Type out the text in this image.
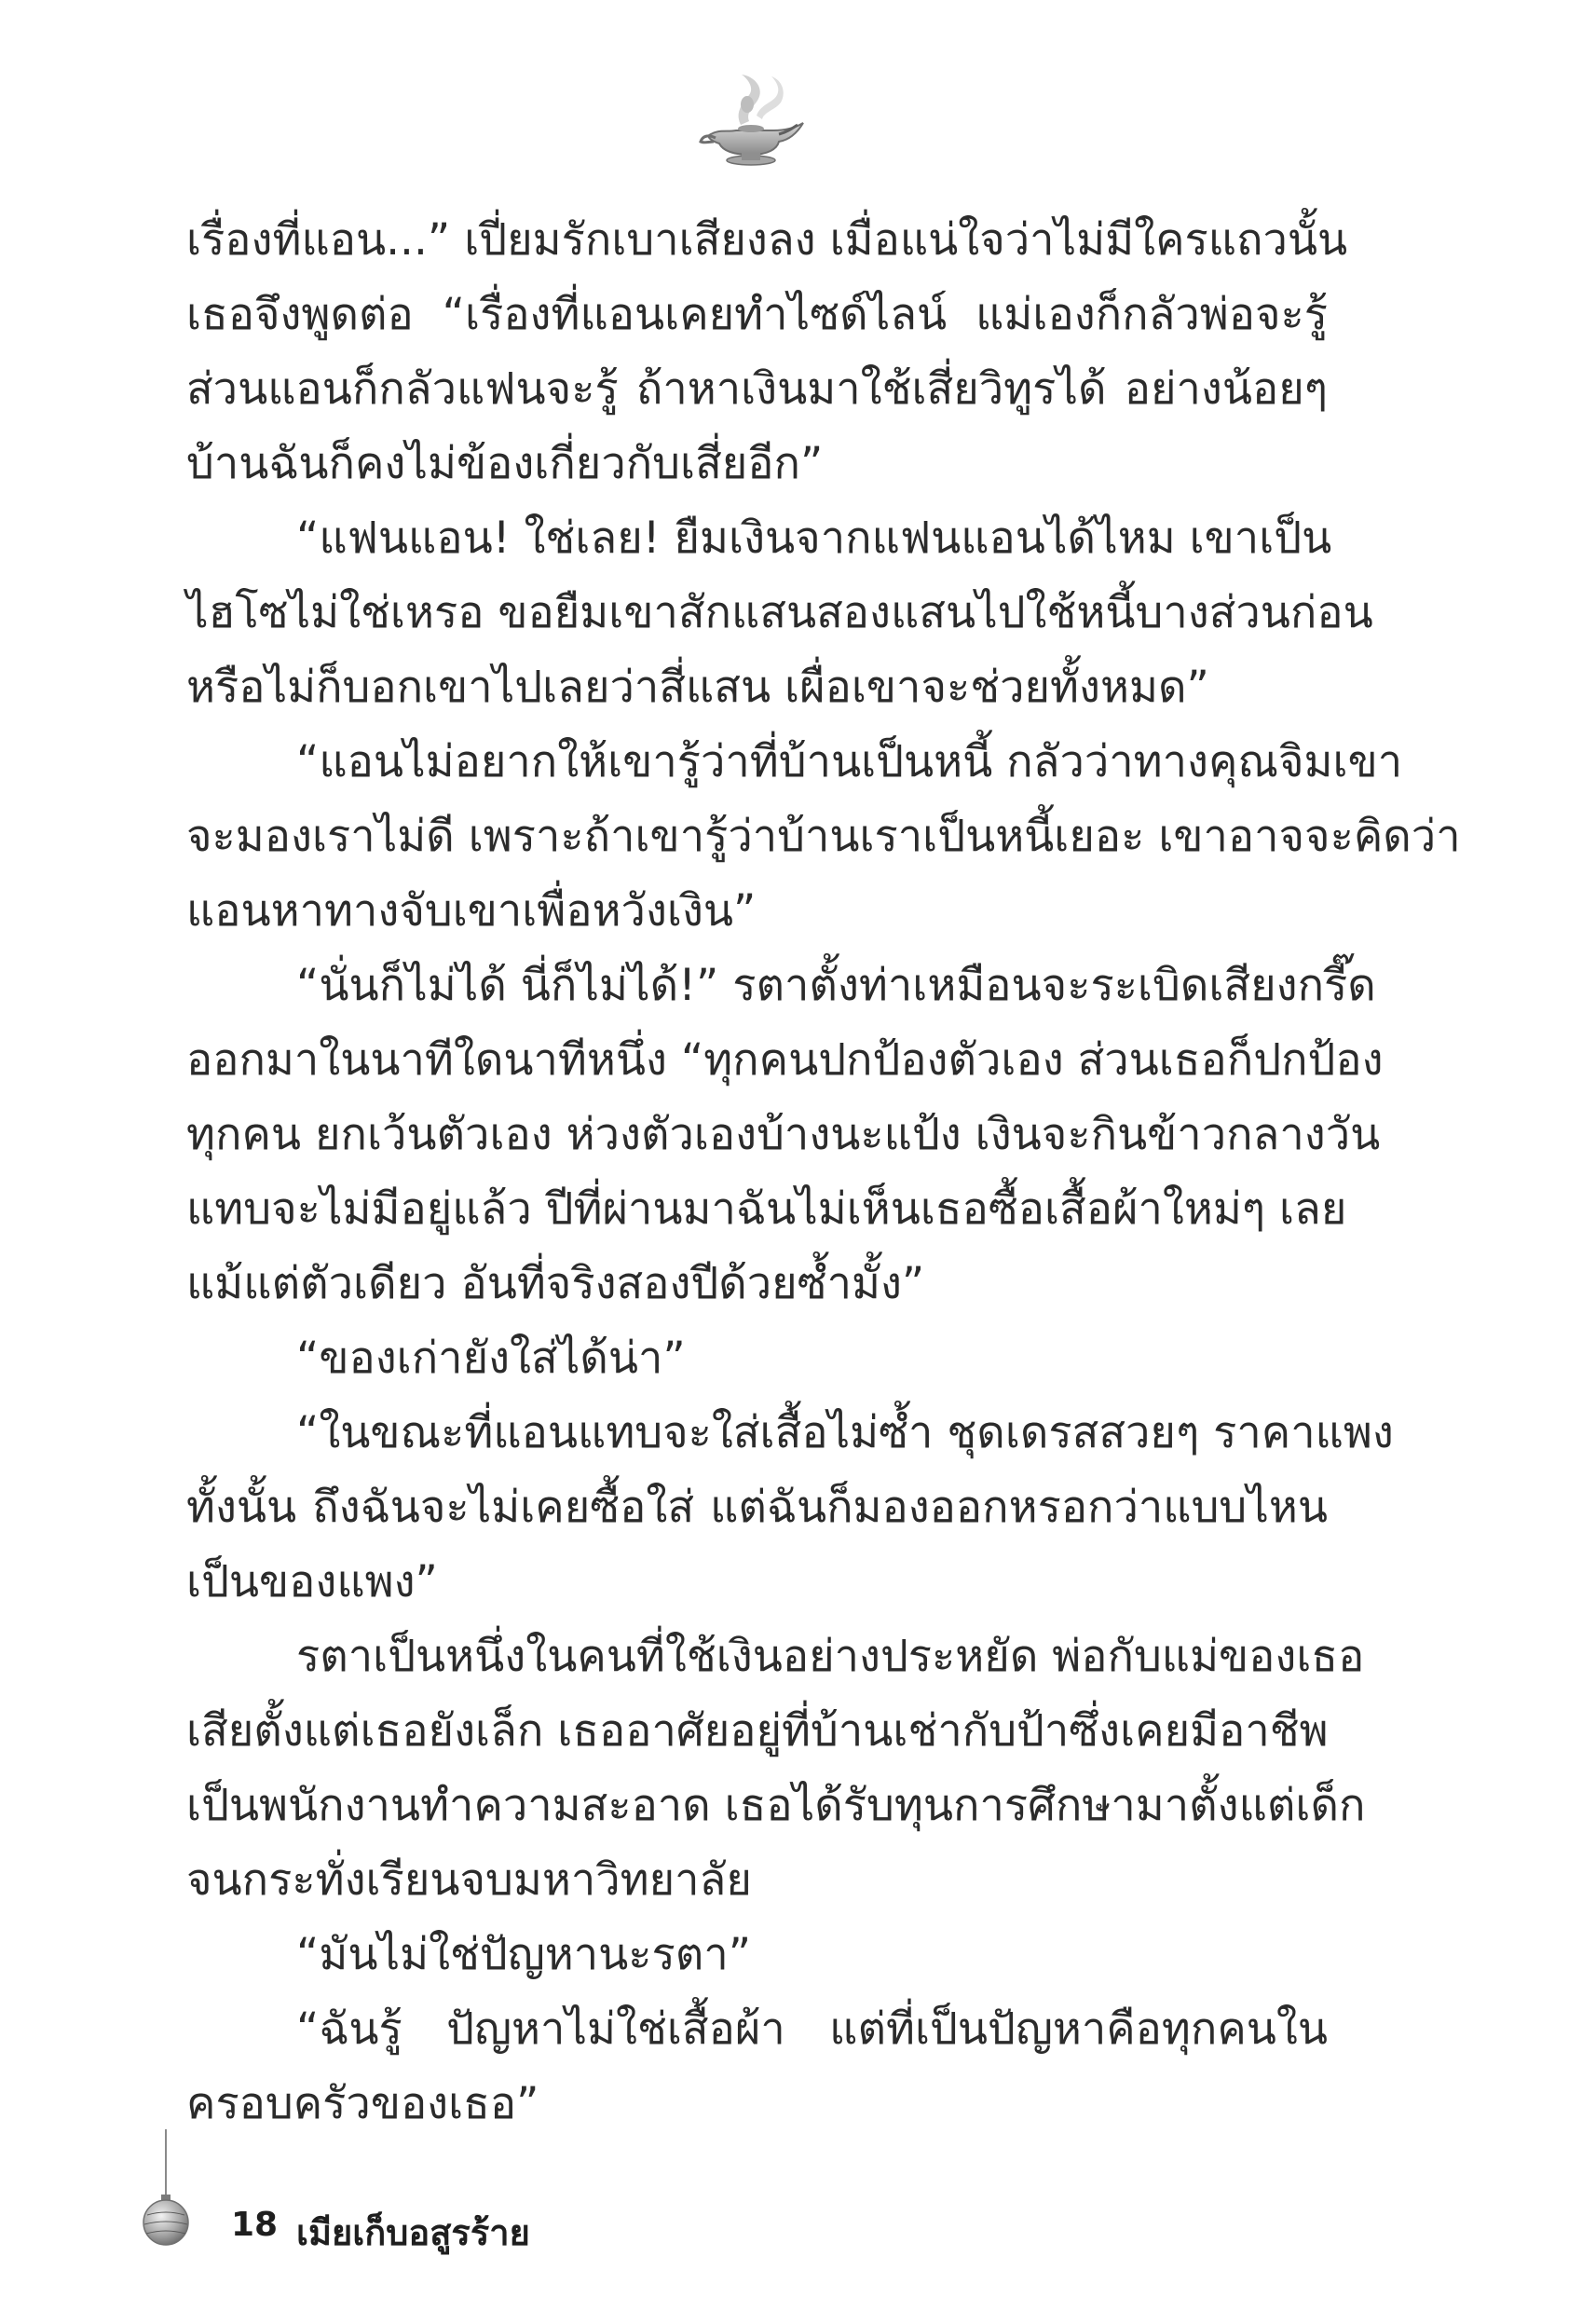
เรื่องที่แอน...” เปี่ยมรักเบาเสียงลง เมื่อแน่ใจว่าไม่มีใครแถวนั้น
เธอจึงพูดต่อ “เรื่องที่แอนเคยทำไซด์ไลน์ แม่เองก็กลัวพ่อจะรู้
ส่วนแอนก็กลัวแฟนจะรู้ ถ้าหาเงินมาใช้เสี่ยวิทูรได้ อย่างน้อยๆ
บ้านฉันก็คงไม่ข้องเกี่ยวกับเสี่ยอีก”
“แฟนแอน! ใช่เลย! ยืมเงินจากแฟนแอนได้ไหม เขาเป็น
ไฮโซไม่ใช่เหรอ ขอยืมเขาสักแสนสองแสนไปใช้หนี้บางส่วนก่อน
หรือไม่ก็บอกเขาไปเลยว่าสี่แสน เผื่อเขาจะช่วยทั้งหมด”
“แอนไม่อยากให้เขารู้ว่าที่บ้านเป็นหนี้ กลัวว่าทางคุณจิมเขา
จะมองเราไม่ดี เพราะถ้าเขารู้ว่าบ้านเราเป็นหนี้เยอะ เขาอาจจะคิดว่า
แอนหาทางจับเขาเพื่อหวังเงิน”
“นั่นก็ไม่ได้ นี่ก็ไม่ได้!” รตาตั้งท่าเหมือนจะระเบิดเสียงกรี๊ด
ออกมาในนาทีใดนาทีหนึ่ง “ทุกคนปกป้องตัวเอง ส่วนเธอก็ปกป้อง
ทุกคน ยกเว้นตัวเอง ห่วงตัวเองบ้างนะแป้ง เงินจะกินข้าวกลางวัน
แทบจะไม่มีอยู่แล้ว ปีที่ผ่านมาฉันไม่เห็นเธอซื้อเสื้อผ้าใหม่ๆ เลย
แม้แต่ตัวเดียว อันที่จริงสองปีด้วยซ้ำมั้ง”
“ของเก่ายังใส่ได้น่า”
“ในขณะที่แอนแทบจะใส่เสื้อไม่ซ้ำ ชุดเดรสสวยๆ ราคาแพง
ทั้งนั้น ถึงฉันจะไม่เคยซื้อใส่ แต่ฉันก็มองออกหรอกว่าแบบไหน
เป็นของแพง”
รตาเป็นหนึ่งในคนที่ใช้เงินอย่างประหยัด พ่อกับแม่ของเธอ
เสียตั้งแต่เธอยังเล็ก เธออาศัยอยู่ที่บ้านเช่ากับป้าซึ่งเคยมีอาชีพ
เป็นพนักงานทำความสะอาด เธอได้รับทุนการศึกษามาตั้งแต่เด็ก
จนกระทั่งเรียนจบมหาวิทยาลัย
“มันไม่ใช่ปัญหานะรตา”
“ฉันรู้ ปัญหาไม่ใช่เสื้อผ้า แต่ที่เป็นปัญหาคือทุกคนใน
ครอบครัวของเธอ”
18 เมียเก็บอสูรร้าย
